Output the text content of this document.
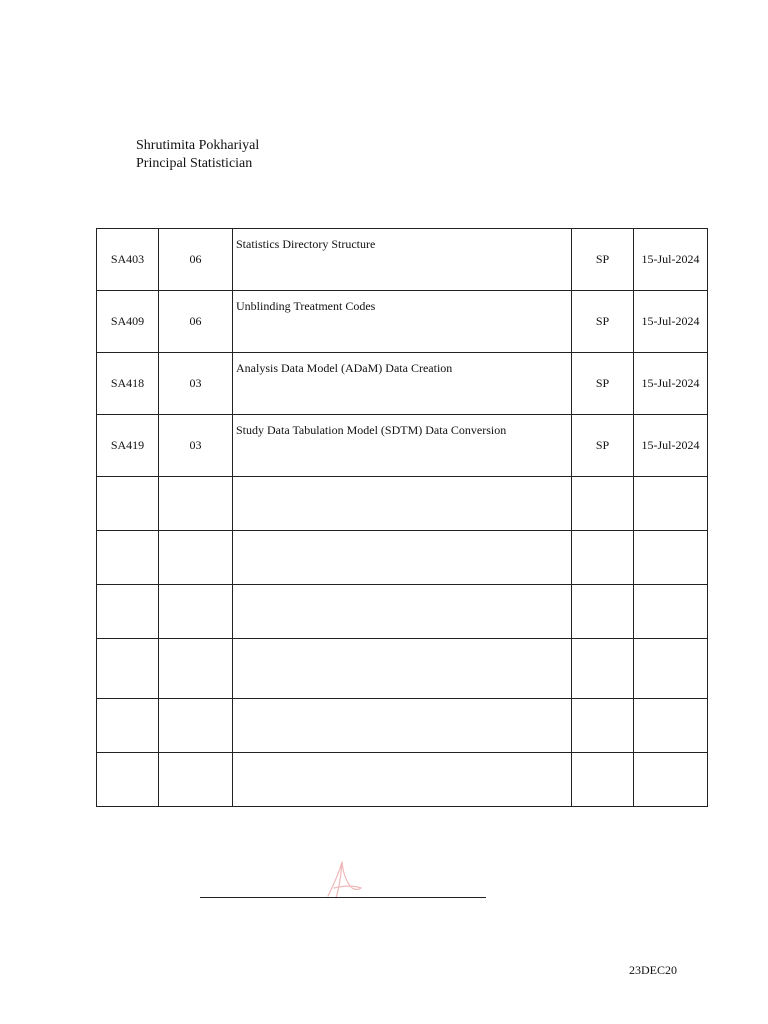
Shrutimita Pokhariyal
Principal Statistician
SA403	06	Statistics Directory Structure	SP	15-Jul-2024
SA409	06	Unblinding Treatment Codes	SP	15-Jul-2024
SA418	03	Analysis Data Model (ADaM) Data Creation	SP	15-Jul-2024
SA419	03	Study Data Tabulation Model (SDTM) Data Conversion	SP	15-Jul-2024

23DEC20
